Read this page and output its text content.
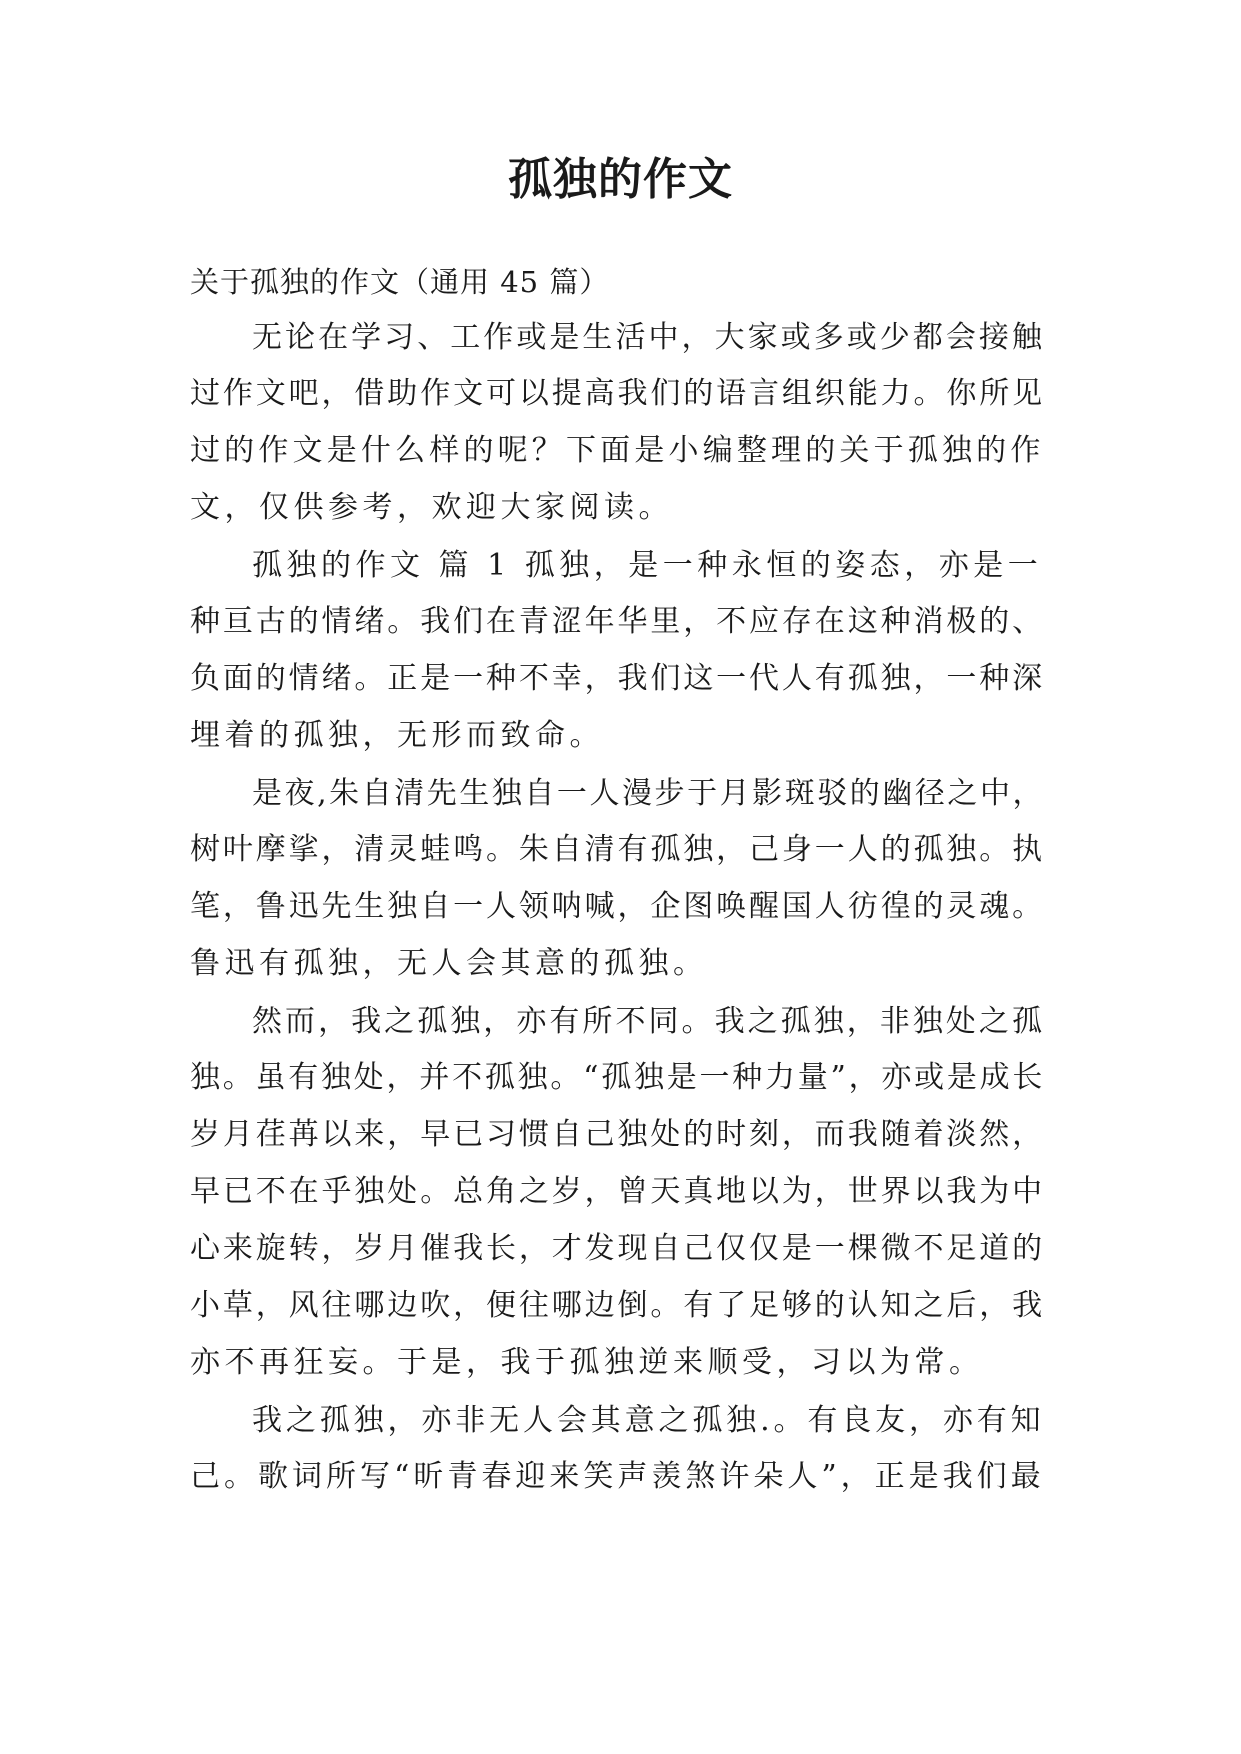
孤独的作文
关于孤独的作文（通用 45 篇）
无论在学习、工作或是生活中，大家或多或少都会接触
过作文吧，借助作文可以提高我们的语言组织能力。你所见
过的作文是什么样的呢？下面是小编整理的关于孤独的作
文，仅供参考，欢迎大家阅读。
孤独的作文 篇 1 孤独，是一种永恒的姿态，亦是一
种亘古的情绪。我们在青涩年华里，不应存在这种消极的、
负面的情绪。正是一种不幸，我们这一代人有孤独，一种深
埋着的孤独，无形而致命。
是夜,朱自清先生独自一人漫步于月影斑驳的幽径之中，
树叶摩挲，清灵蛙鸣。朱自清有孤独，己身一人的孤独。执
笔，鲁迅先生独自一人领呐喊，企图唤醒国人彷徨的灵魂。
鲁迅有孤独，无人会其意的孤独。
然而，我之孤独，亦有所不同。我之孤独，非独处之孤
独。虽有独处，并不孤独。“孤独是一种力量”，亦或是成长
岁月荏苒以来，早已习惯自己独处的时刻，而我随着淡然，
早已不在乎独处。总角之岁，曾天真地以为，世界以我为中
心来旋转，岁月催我长，才发现自己仅仅是一棵微不足道的
小草，风往哪边吹，便往哪边倒。有了足够的认知之后，我
亦不再狂妄。于是，我于孤独逆来顺受，习以为常。
我之孤独，亦非无人会其意之孤独.。有良友，亦有知
己。歌词所写“昕青春迎来笑声羡煞许朵人”，正是我们最
